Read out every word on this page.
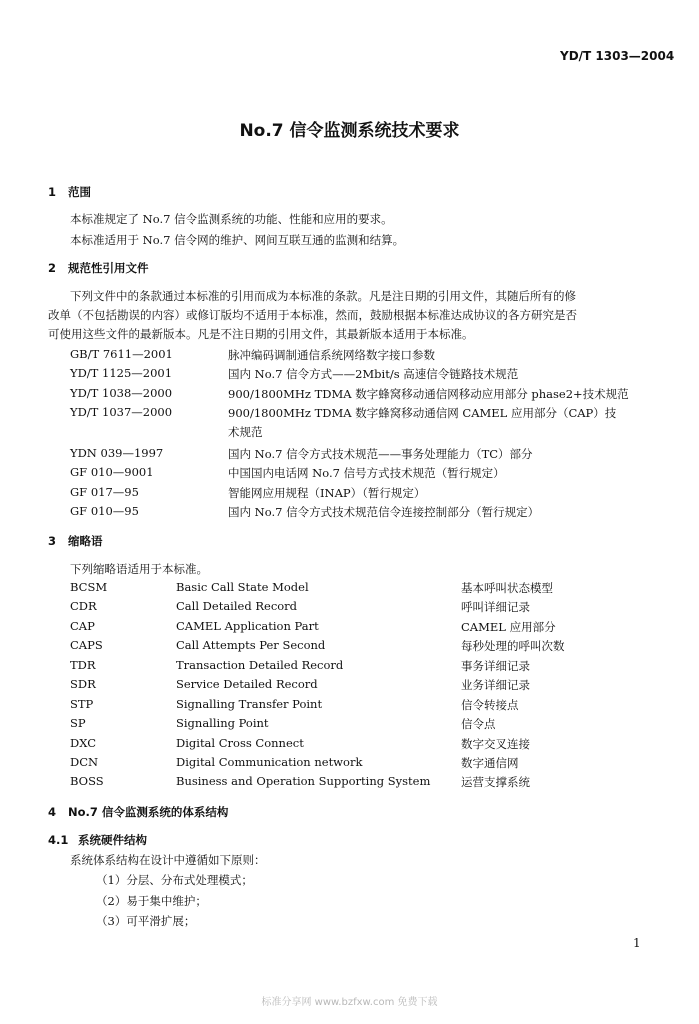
YD/T 1303—2004
No.7 信令监测系统技术要求
1 范围
本标准规定了 No.7 信令监测系统的功能、性能和应用的要求。
本标准适用于 No.7 信令网的维护、网间互联互通的监测和结算。
2 规范性引用文件
下列文件中的条款通过本标准的引用而成为本标准的条款。凡是注日期的引用文件，其随后所有的修
改单（不包括勘误的内容）或修订版均不适用于本标准，然而，鼓励根据本标准达成协议的各方研究是否
可使用这些文件的最新版本。凡是不注日期的引用文件，其最新版本适用于本标准。
GB/T 7611—2001	脉冲编码调制通信系统网络数字接口参数
YD/T 1125—2001	国内 No.7 信令方式——2Mbit/s 高速信令链路技术规范
YD/T 1038—2000	900/1800MHz TDMA 数字蜂窝移动通信网移动应用部分 phase2+技术规范
YD/T 1037—2000	900/1800MHz TDMA 数字蜂窝移动通信网 CAMEL 应用部分（CAP）技
术规范
YDN 039—1997	国内 No.7 信令方式技术规范——事务处理能力（TC）部分
GF 010—9001	中国国内电话网 No.7 信号方式技术规范（暂行规定）
GF 017—95	智能网应用规程（INAP）（暂行规定）
GF 010—95	国内 No.7 信令方式技术规范信令连接控制部分（暂行规定）
3 缩略语
下列缩略语适用于本标准。
BCSM	Basic Call State Model	基本呼叫状态模型
CDR	Call Detailed Record	呼叫详细记录
CAP	CAMEL Application Part	CAMEL 应用部分
CAPS	Call Attempts Per Second	每秒处理的呼叫次数
TDR	Transaction Detailed Record	事务详细记录
SDR	Service Detailed Record	业务详细记录
STP	Signalling Transfer Point	信令转接点
SP	Signalling Point	信令点
DXC	Digital Cross Connect	数字交叉连接
DCN	Digital Communication network	数字通信网
BOSS	Business and Operation Supporting System	运营支撑系统
4 No.7 信令监测系统的体系结构
4.1 系统硬件结构
系统体系结构在设计中遵循如下原则：
（1）分层、分布式处理模式；
（2）易于集中维护；
（3）可平滑扩展；
1
标准分享网 www.bzfxw.com 免费下载
